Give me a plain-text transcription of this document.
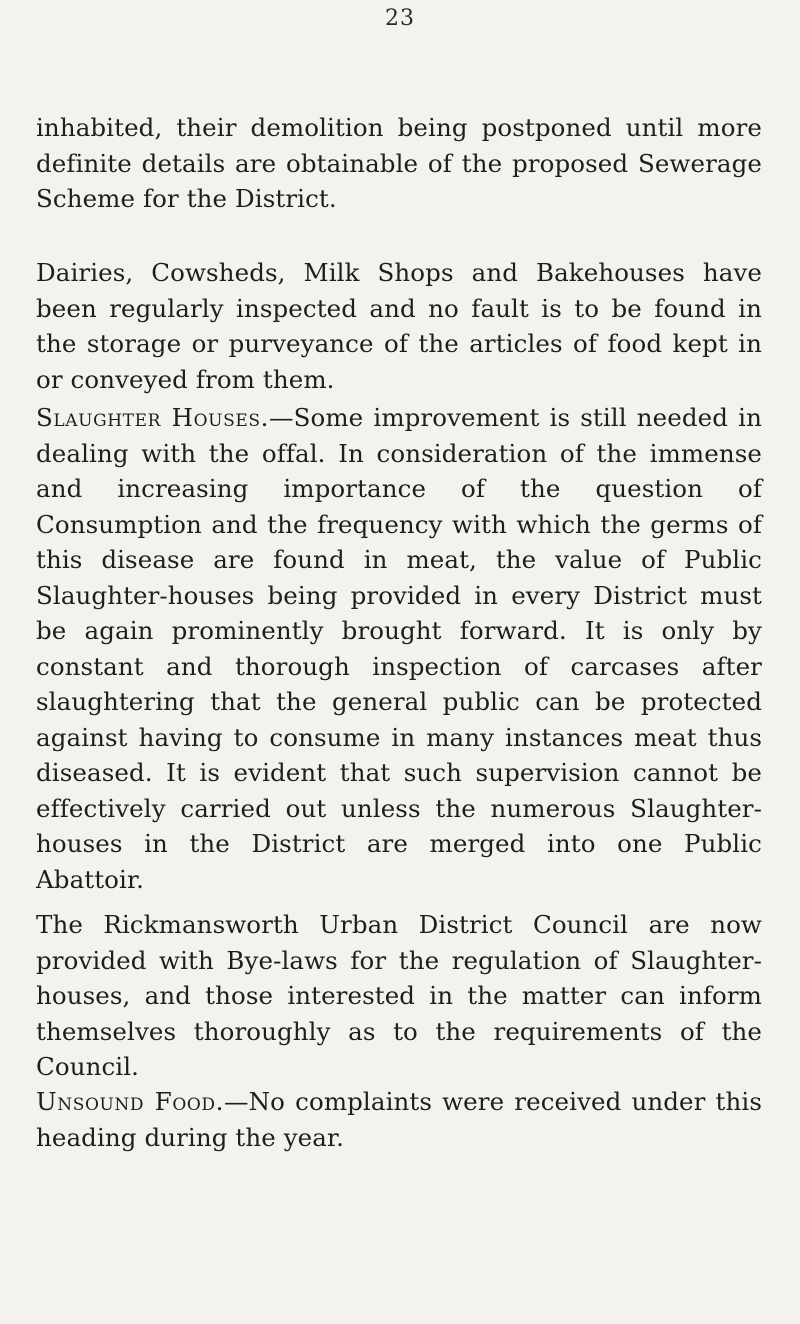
23

inhabited, their demolition being postponed until more definite details are obtainable of the proposed Sewerage Scheme for the District.

Dairies, Cowsheds, Milk Shops and Bakehouses have been regularly inspected and no fault is to be found in the storage or purveyance of the articles of food kept in or conveyed from them.

Slaughter Houses.—Some improvement is still needed in dealing with the offal. In consideration of the immense and increasing importance of the question of Consumption and the frequency with which the germs of this disease are found in meat, the value of Public Slaughter-houses being provided in every District must be again prominently brought forward. It is only by constant and thorough inspection of carcases after slaughtering that the general public can be protected against having to consume in many instances meat thus diseased. It is evident that such supervision cannot be effectively carried out unless the numerous Slaughter-houses in the District are merged into one Public Abattoir.

The Rickmansworth Urban District Council are now provided with Bye-laws for the regulation of Slaughter-houses, and those interested in the matter can inform themselves thoroughly as to the requirements of the Council.

Unsound Food.—No complaints were received under this heading during the year.
